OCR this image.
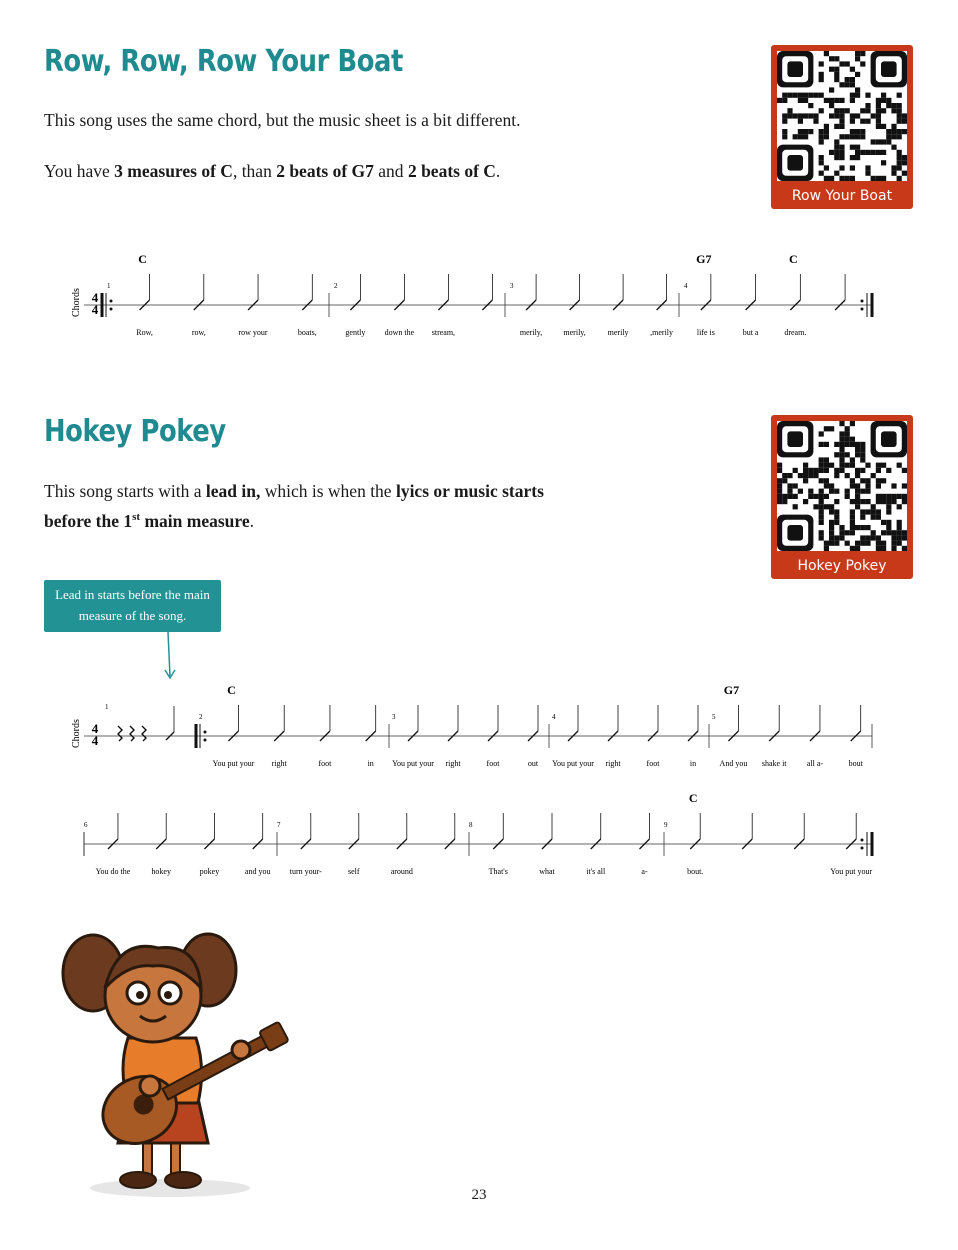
Row, Row, Row Your Boat

This song uses the same chord, but the music sheet is a bit different.

You have 3 measures of C, than 2 beats of G7 and 2 beats of C.

Row Your Boat
Chords 4
4
1	2	3	4
Row,	row,	row your	boats,	gently down the stream,	merily,	merily,	merily	,merily	life is	but a	dream.
C	G7	C
Hokey Pokey

This song starts with a lead in, which is when the lyics or music starts
before the 1st main measure.

Hokey Pokey
Lead in starts before the main measure of the song.
Chords 4
4
1
2	3	4	5
You put your right	foot	in You put your right	foot	out You put your right	foot	in	And you shake it	all a-	bout
C	G7
6	7	8	9
You do the	hokey	pokey	and you turn your-	self	around	That's	what	it's all	a-	bout.	You put your
C
23
